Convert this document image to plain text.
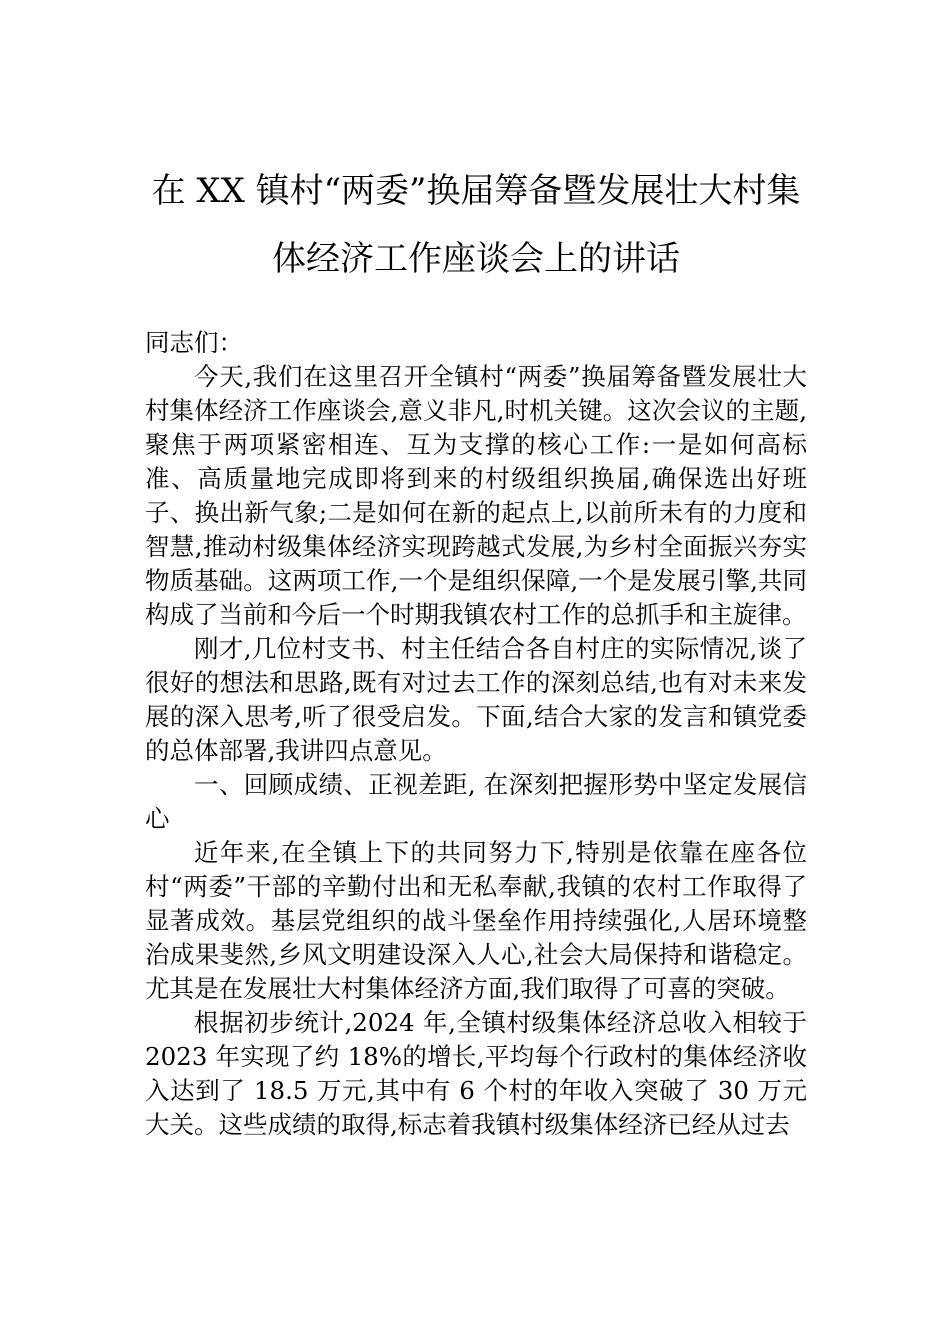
在 XX 镇村“两委”换届筹备暨发展壮大村集
体经济工作座谈会上的讲话

同志们：

今天,我们在这里召开全镇村“两委”换届筹备暨发展壮大村集体经济工作座谈会,意义非凡,时机关键。这次会议的主题,聚焦于两项紧密相连、互为支撑的核心工作:一是如何高标准、高质量地完成即将到来的村级组织换届,确保选出好班子、换出新气象;二是如何在新的起点上,以前所未有的力度和智慧,推动村级集体经济实现跨越式发展,为乡村全面振兴夯实物质基础。这两项工作,一个是组织保障,一个是发展引擎,共同构成了当前和今后一个时期我镇农村工作的总抓手和主旋律。

刚才,几位村支书、村主任结合各自村庄的实际情况,谈了很好的想法和思路,既有对过去工作的深刻总结,也有对未来发展的深入思考,听了很受启发。下面,结合大家的发言和镇党委的总体部署,我讲四点意见。

一、回顾成绩、正视差距, 在深刻把握形势中坚定发展信心

近年来,在全镇上下的共同努力下,特别是依靠在座各位村“两委”干部的辛勤付出和无私奉献,我镇的农村工作取得了显著成效。基层党组织的战斗堡垒作用持续强化,人居环境整治成果斐然,乡风文明建设深入人心,社会大局保持和谐稳定。尤其是在发展壮大村集体经济方面,我们取得了可喜的突破。

根据初步统计,2024 年,全镇村级集体经济总收入相较于 2023 年实现了约 18%的增长,平均每个行政村的集体经济收入达到了 18.5 万元,其中有 6 个村的年收入突破了 30 万元大关。这些成绩的取得,标志着我镇村级集体经济已经从过去
